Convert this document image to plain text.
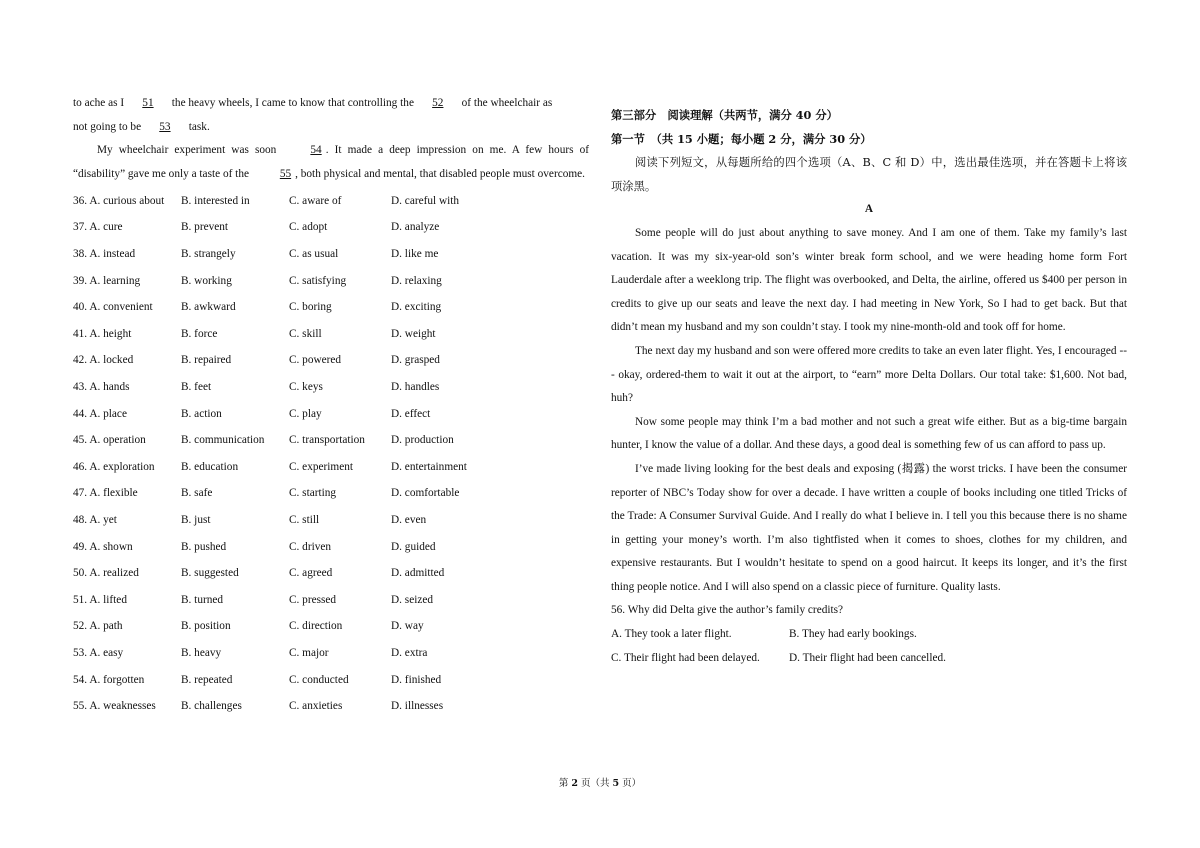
to ache as I 51 the heavy wheels, I came to know that controlling the 52 of the wheelchair as

not going to be 53 task.

My wheelchair experiment was soon 54 . It made a deep impression on me. A few hours of “disability” gave me only a taste of the 55 , both physical and mental, that disabled people must overcome.

36. A. curious about	B. interested in	C. aware of	D. careful with
37. A. cure	B. prevent	C. adopt	D. analyze
38. A. instead	B. strangely	C. as usual	D. like me
39. A. learning	B. working	C. satisfying	D. relaxing
40. A. convenient	B. awkward	C. boring	D. exciting
41. A. height	B. force	C. skill	D. weight
42. A. locked	B. repaired	C. powered	D. grasped
43. A. hands	B. feet	C. keys	D. handles
44. A. place	B. action	C. play	D. effect
45. A. operation	B. communication	C. transportation	D. production
46. A. exploration	B. education	C. experiment	D. entertainment
47. A. flexible	B. safe	C. starting	D. comfortable
48. A. yet	B. just	C. still	D. even
49. A. shown	B. pushed	C. driven	D. guided
50. A. realized	B. suggested	C. agreed	D. admitted
51. A. lifted	B. turned	C. pressed	D. seized
52. A. path	B. position	C. direction	D. way
53. A. easy	B. heavy	C. major	D. extra
54. A. forgotten	B. repeated	C. conducted	D. finished
55. A. weaknesses	B. challenges	C. anxieties	D. illnesses

第三部分　阅读理解（共两节，满分 40 分）

第一节　（共 15 小题；每小题 2 分，满分 30 分）

阅读下列短文，从每题所给的四个选项（A、B、C 和 D）中，选出最佳选项，并在答题卡上将该项涂黑。

A

Some people will do just about anything to save money. And I am one of them. Take my family’s last vacation. It was my six-year-old son’s winter break form school, and we were heading home form Fort Lauderdale after a weeklong trip. The flight was overbooked, and Delta, the airline, offered us $400 per person in credits to give up our seats and leave the next day. I had meeting in New York, So I had to get back. But that didn’t mean my husband and my son couldn’t stay. I took my nine-month-old and took off for home.

The next day my husband and son were offered more credits to take an even later flight. Yes, I encouraged --- okay, ordered-them to wait it out at the airport, to “earn” more Delta Dollars. Our total take: $1,600. Not bad, huh?

Now some people may think I’m a bad mother and not such a great wife either. But as a big-time bargain hunter, I know the value of a dollar. And these days, a good deal is something few of us can afford to pass up.

I’ve made living looking for the best deals and exposing (揭露) the worst tricks. I have been the consumer reporter of NBC’s Today show for over a decade. I have written a couple of books including one titled Tricks of the Trade: A Consumer Survival Guide. And I really do what I believe in. I tell you this because there is no shame in getting your money’s worth. I’m also tightfisted when it comes to shoes, clothes for my children, and expensive restaurants. But I wouldn’t hesitate to spend on a good haircut. It keeps its longer, and it’s the first thing people notice. And I will also spend on a classic piece of furniture. Quality lasts.

56. Why did Delta give the author’s family credits?

A. They took a later flight.	B. They had early bookings.
C. Their flight had been delayed.	D. Their flight had been cancelled.
第 2 页（共 5 页）
